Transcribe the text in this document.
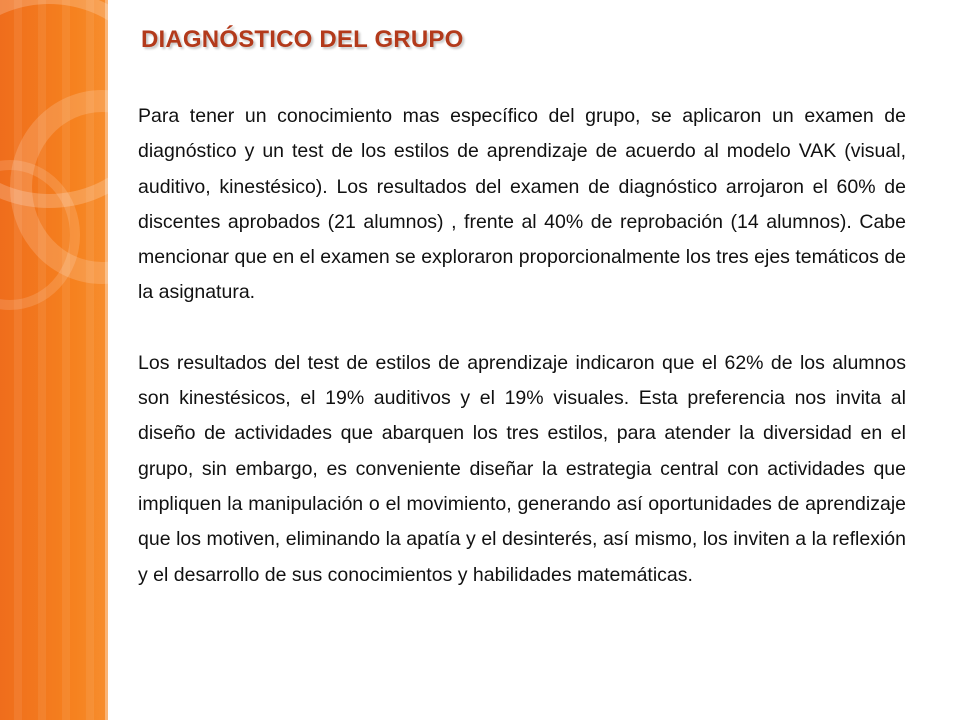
DIAGNÓSTICO DEL GRUPO

Para tener un conocimiento mas específico del grupo, se aplicaron un examen de diagnóstico y un test de los estilos de aprendizaje de acuerdo al modelo VAK (visual, auditivo, kinestésico). Los resultados del examen de diagnóstico arrojaron el 60% de discentes aprobados (21 alumnos) , frente al 40% de reprobación (14 alumnos). Cabe mencionar que en el examen se exploraron proporcionalmente los tres ejes temáticos de la asignatura.

Los resultados del test de estilos de aprendizaje indicaron que el 62% de los alumnos son kinestésicos, el 19% auditivos y el 19% visuales. Esta preferencia nos invita al diseño de actividades que abarquen los tres estilos, para atender la diversidad en el grupo, sin embargo, es conveniente diseñar la estrategia central con actividades que impliquen la manipulación o el movimiento, generando así oportunidades de aprendizaje que los motiven, eliminando la apatía y el desinterés, así mismo, los inviten a la reflexión y el desarrollo de sus conocimientos y habilidades matemáticas.
